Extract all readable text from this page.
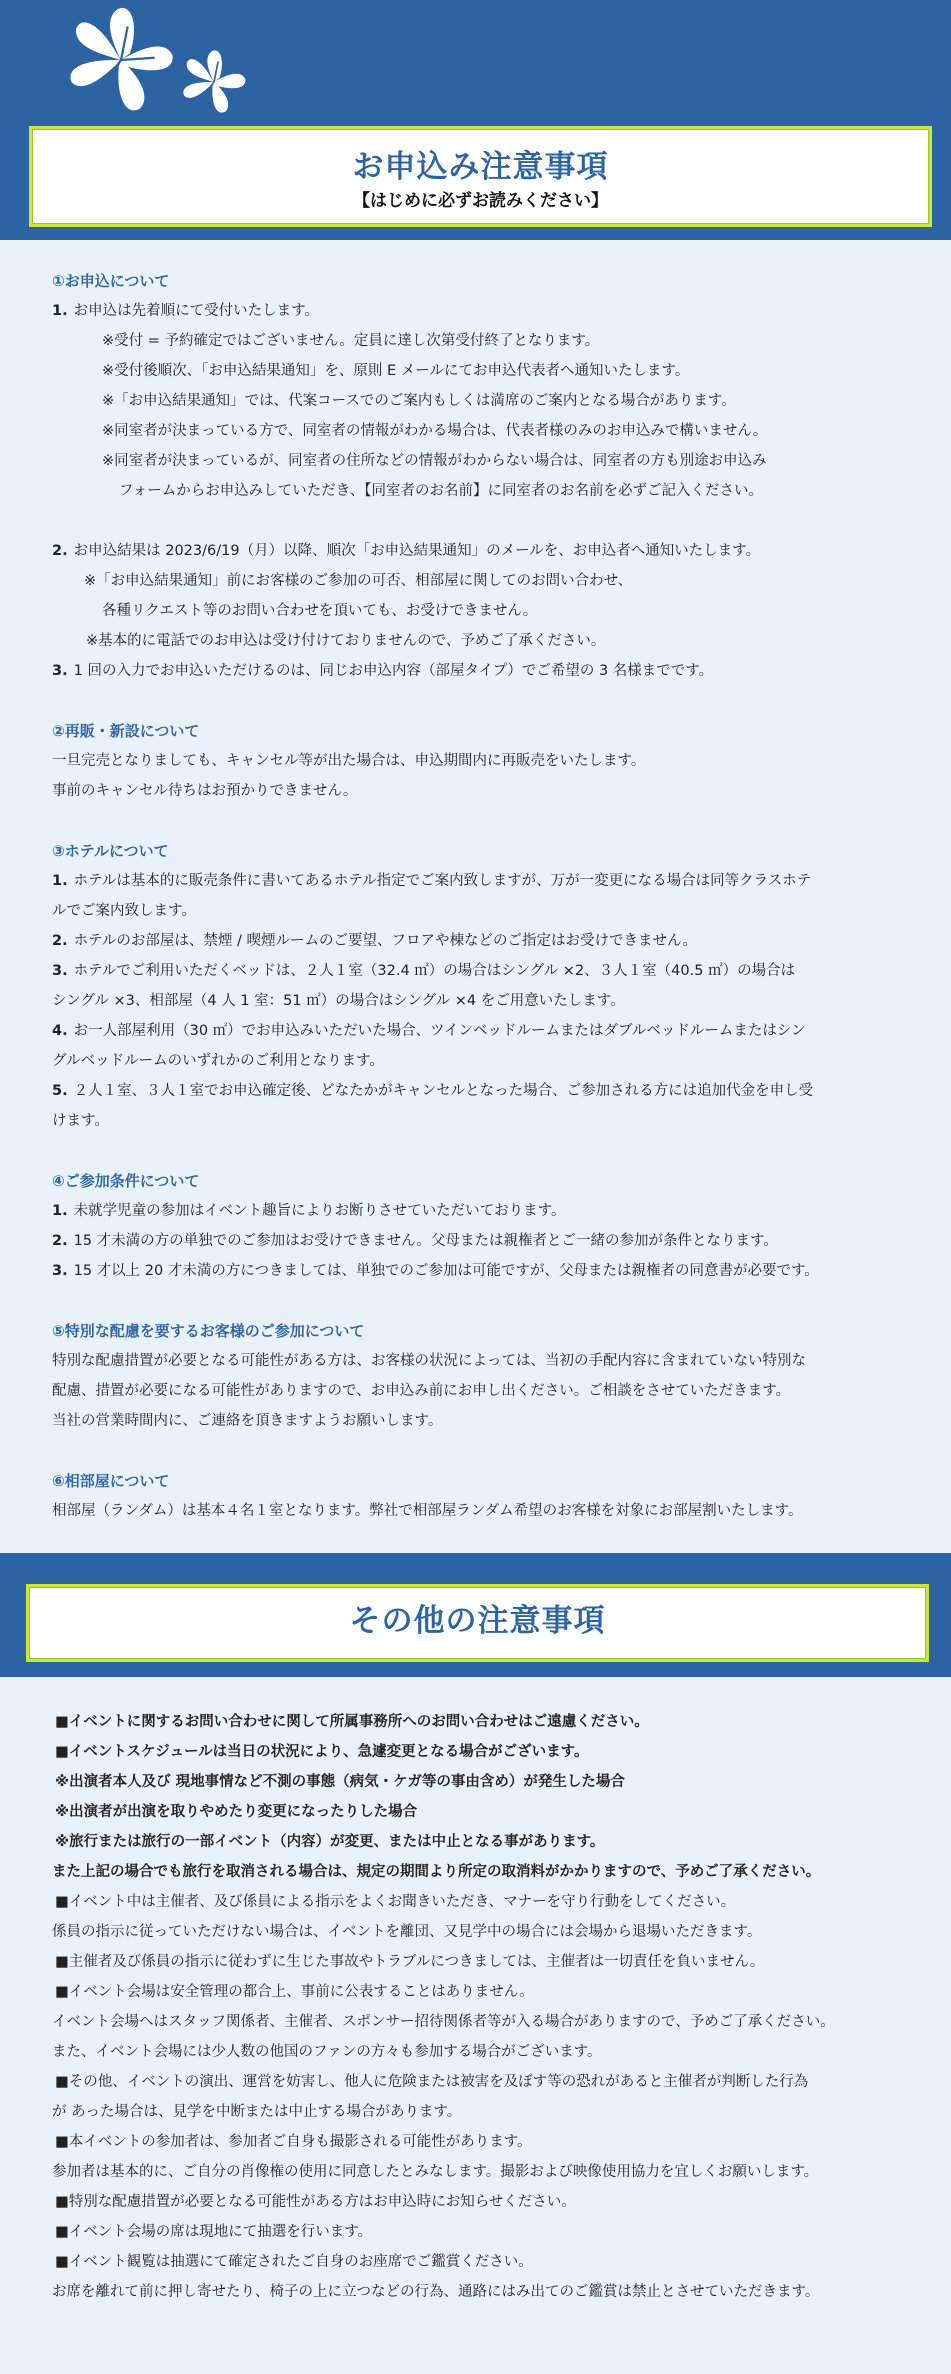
お申込み注意事項
【はじめに必ずお読みください】
①お申込について
1. お申込は先着順にて受付いたします。
※受付 = 予約確定ではございません。定員に達し次第受付終了となります。
※受付後順次、「お申込結果通知」を、原則 E メールにてお申込代表者へ通知いたします。
※「お申込結果通知」では、代案コースでのご案内もしくは満席のご案内となる場合があります。
※同室者が決まっている方で、同室者の情報がわかる場合は、代表者様のみのお申込みで構いません。
※同室者が決まっているが、同室者の住所などの情報がわからない場合は、同室者の方も別途お申込み
フォームからお申込みしていただき、【同室者のお名前】に同室者のお名前を必ずご記入ください。
2. お申込結果は 2023/6/19（月）以降、順次「お申込結果通知」のメールを、お申込者へ通知いたします。
※「お申込結果通知」前にお客様のご参加の可否、相部屋に関してのお問い合わせ、
各種リクエスト等のお問い合わせを頂いても、お受けできません。
※基本的に電話でのお申込は受け付けておりませんので、予めご了承ください。
3. 1 回の入力でお申込いただけるのは、同じお申込内容（部屋タイプ）でご希望の 3 名様までです。
②再販・新設について
一旦完売となりましても、キャンセル等が出た場合は、申込期間内に再販売をいたします。
事前のキャンセル待ちはお預かりできません。
③ホテルについて
1. ホテルは基本的に販売条件に書いてあるホテル指定でご案内致しますが、万が一変更になる場合は同等クラスホテ
ルでご案内致します。
2. ホテルのお部屋は、禁煙 / 喫煙ルームのご要望、フロアや棟などのご指定はお受けできません。
3. ホテルでご利用いただくベッドは、２人１室（32.4 ㎡）の場合はシングル ×2、３人１室（40.5 ㎡）の場合は
シングル ×3、相部屋（4 人 1 室：51 ㎡）の場合はシングル ×4 をご用意いたします。
4. お一人部屋利用（30 ㎡）でお申込みいただいた場合、ツインベッドルームまたはダブルベッドルームまたはシン
グルベッドルームのいずれかのご利用となります。
5. ２人１室、３人１室でお申込確定後、どなたかがキャンセルとなった場合、ご参加される方には追加代金を申し受
けます。
④ご参加条件について
1. 未就学児童の参加はイベント趣旨によりお断りさせていただいております。
2. 15 才未満の方の単独でのご参加はお受けできません。父母または親権者とご一緒の参加が条件となります。
3. 15 才以上 20 才未満の方につきましては、単独でのご参加は可能ですが、父母または親権者の同意書が必要です。
⑤特別な配慮を要するお客様のご参加について
特別な配慮措置が必要となる可能性がある方は、お客様の状況によっては、当初の手配内容に含まれていない特別な
配慮、措置が必要になる可能性がありますので、お申込み前にお申し出ください。ご相談をさせていただきます。
当社の営業時間内に、ご連絡を頂きますようお願いします。
⑥相部屋について
相部屋（ランダム）は基本４名１室となります。弊社で相部屋ランダム希望のお客様を対象にお部屋割いたします。
その他の注意事項
■イベントに関するお問い合わせに関して所属事務所へのお問い合わせはご遠慮ください。
■イベントスケジュールは当日の状況により、急遽変更となる場合がございます。
※出演者本人及び 現地事情など不測の事態（病気・ケガ等の事由含め）が発生した場合
※出演者が出演を取りやめたり変更になったりした場合
※旅行または旅行の一部イベント（内容）が変更、または中止となる事があります。
また上記の場合でも旅行を取消される場合は、規定の期間より所定の取消料がかかりますので、予めご了承ください。
■イベント中は主催者、及び係員による指示をよくお聞きいただき、マナーを守り行動をしてください。
係員の指示に従っていただけない場合は、イベントを離団、又見学中の場合には会場から退場いただきます。
■主催者及び係員の指示に従わずに生じた事故やトラブルにつきましては、主催者は一切責任を負いません。
■イベント会場は安全管理の都合上、事前に公表することはありません。
イベント会場へはスタッフ関係者、主催者、スポンサー招待関係者等が入る場合がありますので、予めご了承ください。
また、イベント会場には少人数の他国のファンの方々も参加する場合がございます。
■その他、イベントの演出、運営を妨害し、他人に危険または被害を及ぼす等の恐れがあると主催者が判断した行為
が あった場合は、見学を中断または中止する場合があります。
■本イベントの参加者は、参加者ご自身も撮影される可能性があります。
参加者は基本的に、ご自分の肖像権の使用に同意したとみなします。撮影および映像使用協力を宜しくお願いします。
■特別な配慮措置が必要となる可能性がある方はお申込時にお知らせください。
■イベント会場の席は現地にて抽選を行います。
■イベント観覧は抽選にて確定されたご自身のお座席でご鑑賞ください。
お席を離れて前に押し寄せたり、椅子の上に立つなどの行為、通路にはみ出てのご鑑賞は禁止とさせていただきます。
